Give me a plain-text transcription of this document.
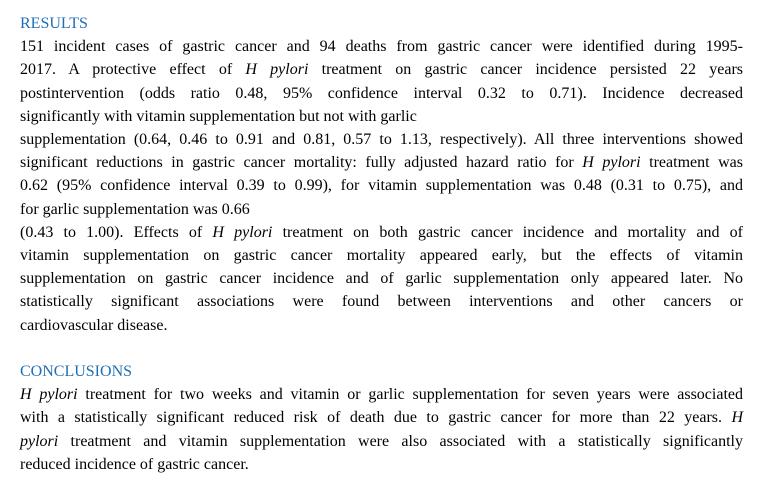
RESULTS

151 incident cases of gastric cancer and 94 deaths from gastric cancer were identified during 1995-

2017. A protective effect of H pylori treatment on gastric cancer incidence persisted 22 years

postintervention (odds ratio 0.48, 95% confidence interval 0.32 to 0.71). Incidence decreased

significantly with vitamin supplementation but not with garlic

supplementation (0.64, 0.46 to 0.91 and 0.81, 0.57 to 1.13, respectively). All three interventions showed

significant reductions in gastric cancer mortality: fully adjusted hazard ratio for H pylori treatment was

0.62 (95% confidence interval 0.39 to 0.99), for vitamin supplementation was 0.48 (0.31 to 0.75), and

for garlic supplementation was 0.66

(0.43 to 1.00). Effects of H pylori treatment on both gastric cancer incidence and mortality and of

vitamin supplementation on gastric cancer mortality appeared early, but the effects of vitamin

supplementation on gastric cancer incidence and of garlic supplementation only appeared later. No

statistically significant associations were found between interventions and other cancers or

cardiovascular disease.

CONCLUSIONS

H pylori treatment for two weeks and vitamin or garlic supplementation for seven years were associated

with a statistically significant reduced risk of death due to gastric cancer for more than 22 years. H

pylori treatment and vitamin supplementation were also associated with a statistically significantly

reduced incidence of gastric cancer.
